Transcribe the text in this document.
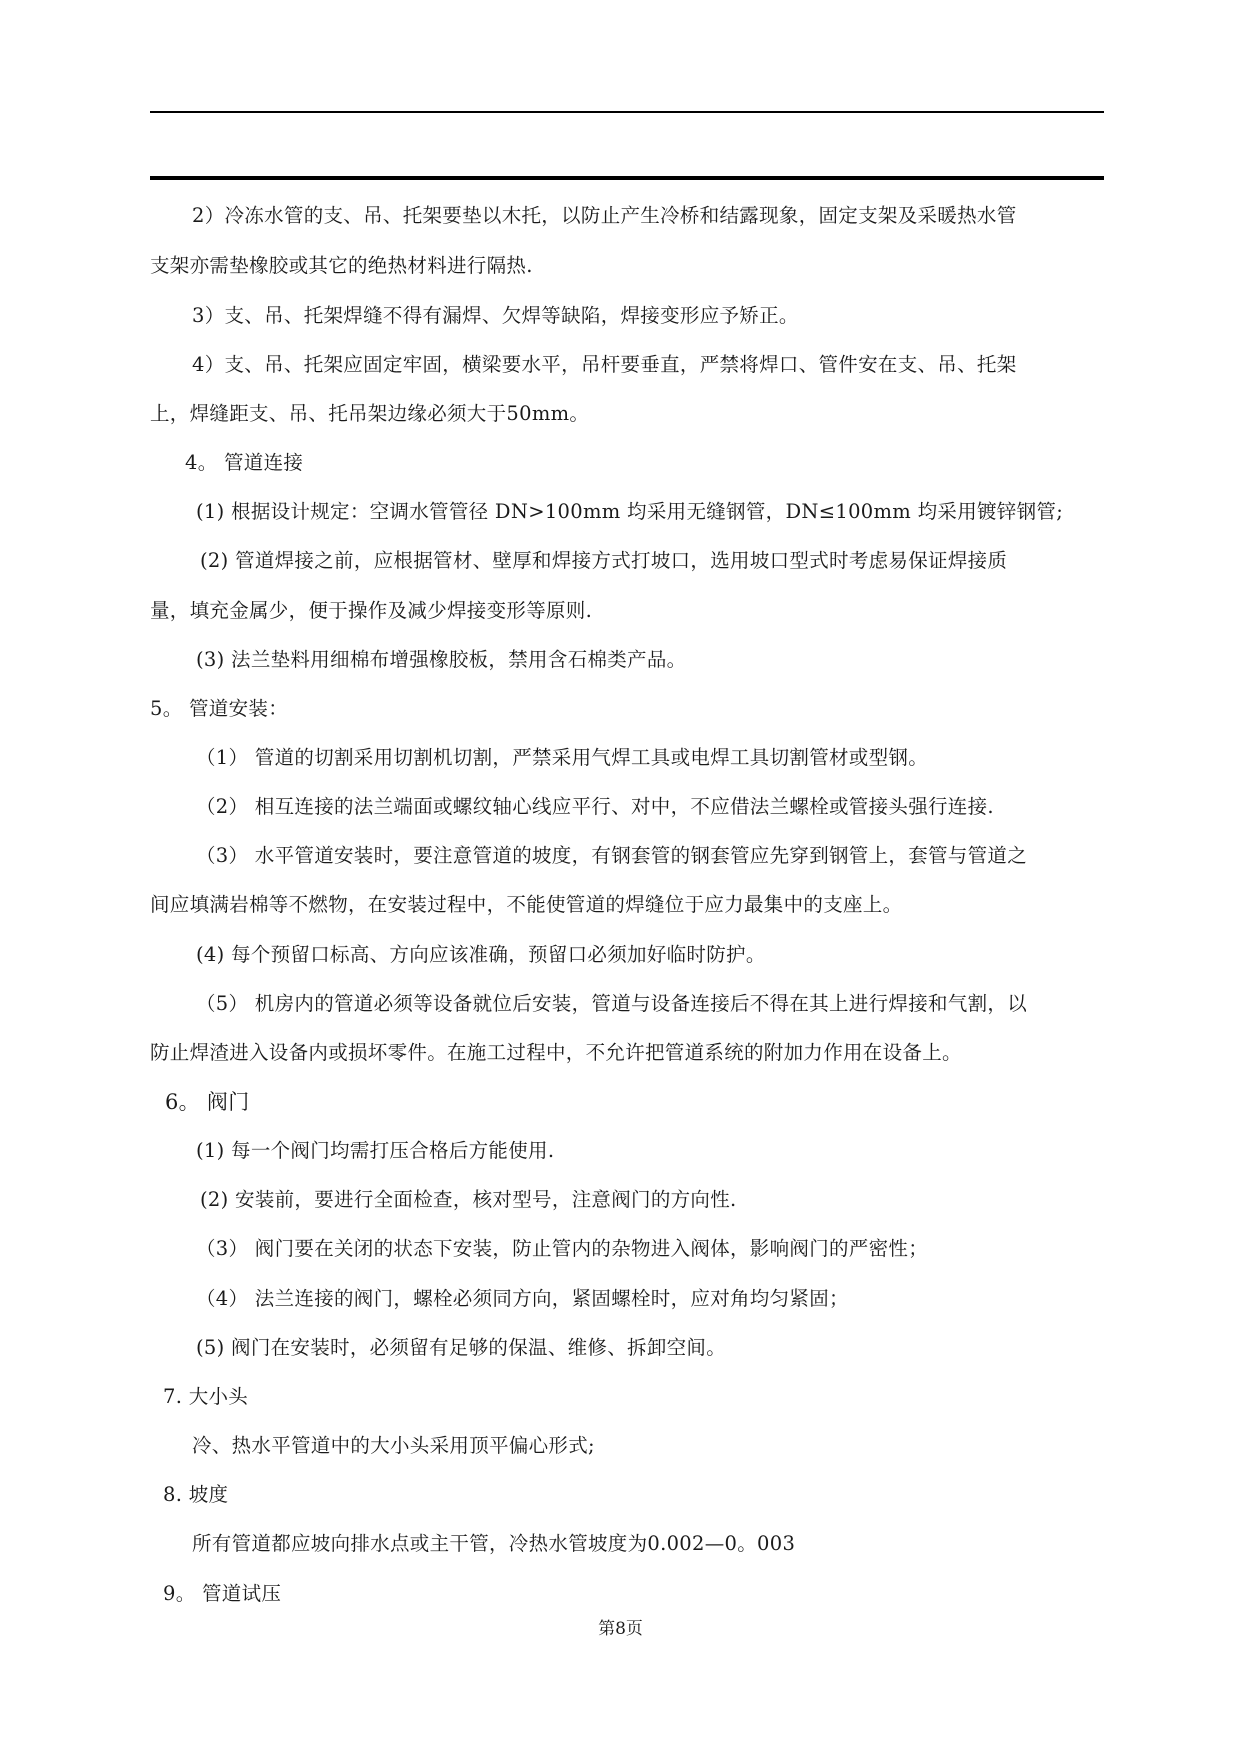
2）冷冻水管的支、吊、托架要垫以木托，以防止产生冷桥和结露现象，固定支架及采暖热水管
支架亦需垫橡胶或其它的绝热材料进行隔热.
3）支、吊、托架焊缝不得有漏焊、欠焊等缺陷，焊接变形应予矫正。
4）支、吊、托架应固定牢固，横梁要水平，吊杆要垂直，严禁将焊口、管件安在支、吊、托架
上，焊缝距支、吊、托吊架边缘必须大于50mm。
4。 管道连接
(1) 根据设计规定：空调水管管径 DN>100mm 均采用无缝钢管，DN≤100mm 均采用镀锌钢管;
(2) 管道焊接之前，应根据管材、壁厚和焊接方式打坡口，选用坡口型式时考虑易保证焊接质
量，填充金属少，便于操作及减少焊接变形等原则.
(3) 法兰垫料用细棉布增强橡胶板，禁用含石棉类产品。
5。 管道安装：
（1） 管道的切割采用切割机切割，严禁采用气焊工具或电焊工具切割管材或型钢。
（2） 相互连接的法兰端面或螺纹轴心线应平行、对中，不应借法兰螺栓或管接头强行连接.
（3） 水平管道安装时，要注意管道的坡度，有钢套管的钢套管应先穿到钢管上，套管与管道之
间应填满岩棉等不燃物，在安装过程中，不能使管道的焊缝位于应力最集中的支座上。
(4) 每个预留口标高、方向应该准确，预留口必须加好临时防护。
（5） 机房内的管道必须等设备就位后安装，管道与设备连接后不得在其上进行焊接和气割，以
防止焊渣进入设备内或损坏零件。在施工过程中，不允许把管道系统的附加力作用在设备上。
6。 阀门
(1) 每一个阀门均需打压合格后方能使用.
(2) 安装前，要进行全面检查，核对型号，注意阀门的方向性.
（3） 阀门要在关闭的状态下安装，防止管内的杂物进入阀体，影响阀门的严密性；
（4） 法兰连接的阀门，螺栓必须同方向，紧固螺栓时，应对角均匀紧固；
(5) 阀门在安装时，必须留有足够的保温、维修、拆卸空间。
7. 大小头
冷、热水平管道中的大小头采用顶平偏心形式;
8. 坡度
所有管道都应坡向排水点或主干管，冷热水管坡度为0.002—0。003
9。 管道试压
第8页
